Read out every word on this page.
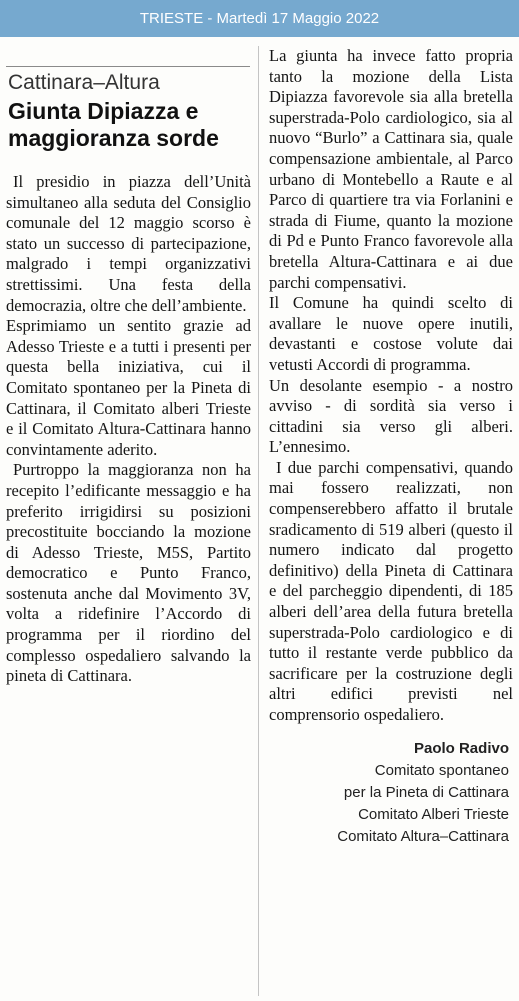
TRIESTE - Martedì 17 Maggio 2022
Cattinara–Altura
Giunta Dipiazza e maggioranza sorde

Il presidio in piazza dell’Unità simultaneo alla seduta del Consiglio comunale del 12 maggio scorso è stato un successo di partecipazione, malgrado i tempi organizzativi strettissimi. Una festa della democrazia, oltre che dell’ambiente.

Esprimiamo un sentito grazie ad Adesso Trieste e a tutti i presenti per questa bella iniziativa, cui il Comitato spontaneo per la Pineta di Cattinara, il Comitato alberi Trieste e il Comitato Altura-Cattinara hanno convintamente aderito.

Purtroppo la maggioranza non ha recepito l’edificante messaggio e ha preferito irrigidirsi su posizioni precostituite bocciando la mozione di Adesso Trieste, M5S, Partito democratico e Punto Franco, sostenuta anche dal Movimento 3V, volta a ridefinire l’Accordo di programma per il riordino del complesso ospedaliero salvando la pineta di Cattinara.

La giunta ha invece fatto propria tanto la mozione della Lista Dipiazza favorevole sia alla bretella superstrada-Polo cardiologico, sia al nuovo “Burlo” a Cattinara sia, quale compensazione ambientale, al Parco urbano di Montebello a Raute e al Parco di quartiere tra via Forlanini e strada di Fiume, quanto la mozione di Pd e Punto Franco favorevole alla bretella Altura-Cattinara e ai due parchi compensativi.

Il Comune ha quindi scelto di avallare le nuove opere inutili, devastanti e costose volute dai vetusti Accordi di programma.

Un desolante esempio - a nostro avviso - di sordità sia verso i cittadini sia verso gli alberi. L’ennesimo.

I due parchi compensativi, quando mai fossero realizzati, non compenserebbero affatto il brutale sradicamento di 519 alberi (questo il numero indicato dal progetto definitivo) della Pineta di Cattinara e del parcheggio dipendenti, di 185 alberi dell’area della futura bretella superstrada-Polo cardiologico e di tutto il restante verde pubblico da sacrificare per la costruzione degli altri edifici previsti nel comprensorio ospedaliero.

Paolo Radivo
Comitato spontaneo
per la Pineta di Cattinara
Comitato Alberi Trieste
Comitato Altura–Cattinara
